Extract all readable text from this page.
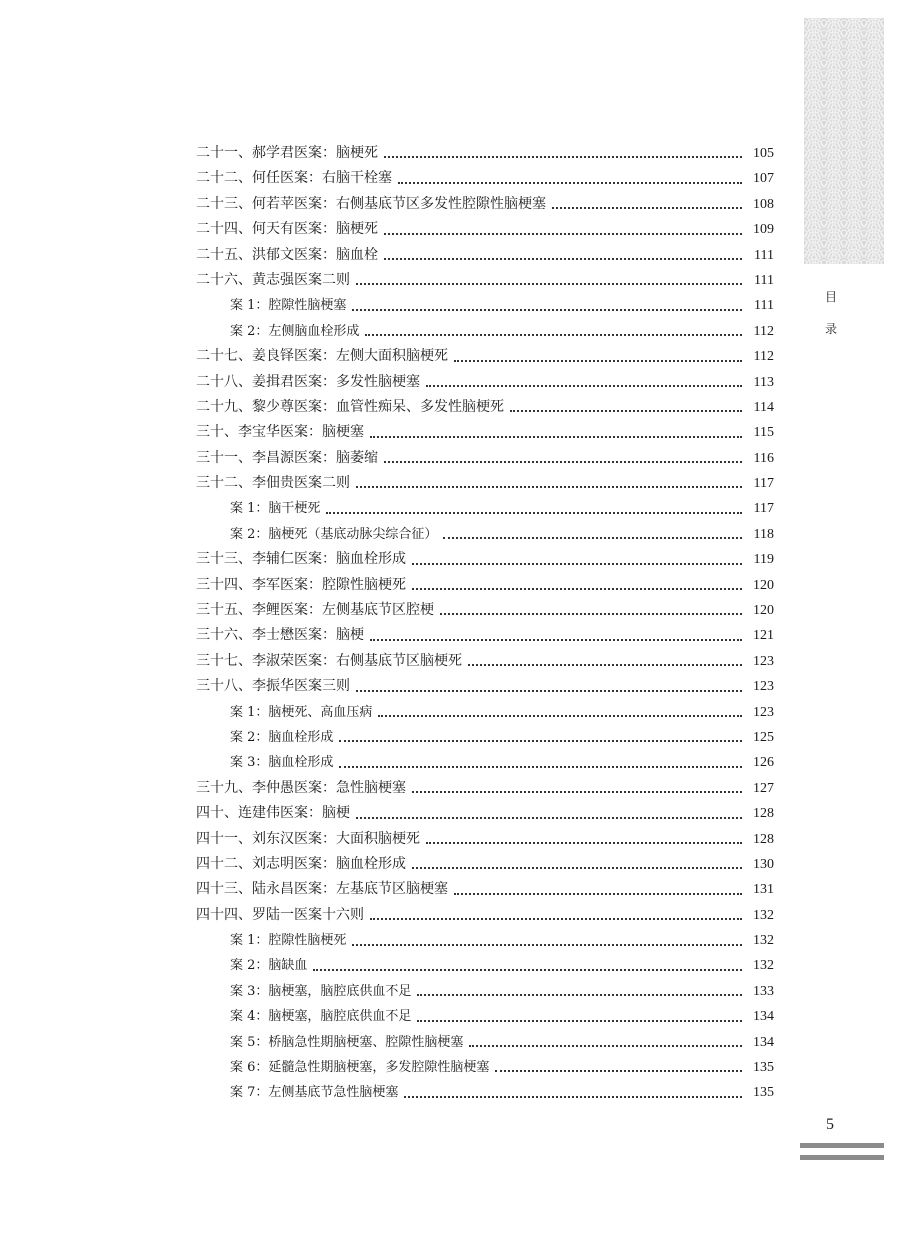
目
录
二十一、郝学君医案：脑梗死	105
二十二、何任医案：右脑干栓塞	107
二十三、何若苹医案：右侧基底节区多发性腔隙性脑梗塞	108
二十四、何天有医案：脑梗死	109
二十五、洪郁文医案：脑血栓	111
二十六、黄志强医案二则	111
案 1：腔隙性脑梗塞	111
案 2：左侧脑血栓形成	112
二十七、姜良铎医案：左侧大面积脑梗死	112
二十八、姜揖君医案：多发性脑梗塞	113
二十九、黎少尊医案：血管性痴呆、多发性脑梗死	114
三十、李宝华医案：脑梗塞	115
三十一、李昌源医案：脑萎缩	116
三十二、李佃贵医案二则	117
案 1：脑干梗死	117
案 2：脑梗死（基底动脉尖综合征）	118
三十三、李辅仁医案：脑血栓形成	119
三十四、李军医案：腔隙性脑梗死	120
三十五、李鲤医案：左侧基底节区腔梗	120
三十六、李士懋医案：脑梗	121
三十七、李淑荣医案：右侧基底节区脑梗死	123
三十八、李振华医案三则	123
案 1：脑梗死、高血压病	123
案 2：脑血栓形成	125
案 3：脑血栓形成	126
三十九、李仲愚医案：急性脑梗塞	127
四十、连建伟医案：脑梗	128
四十一、刘东汉医案：大面积脑梗死	128
四十二、刘志明医案：脑血栓形成	130
四十三、陆永昌医案：左基底节区脑梗塞	131
四十四、罗陆一医案十六则	132
案 1：腔隙性脑梗死	132
案 2：脑缺血	132
案 3：脑梗塞，脑腔底供血不足	133
案 4：脑梗塞，脑腔底供血不足	134
案 5：桥脑急性期脑梗塞、腔隙性脑梗塞	134
案 6：延髓急性期脑梗塞，多发腔隙性脑梗塞	135
案 7：左侧基底节急性脑梗塞	135
5
